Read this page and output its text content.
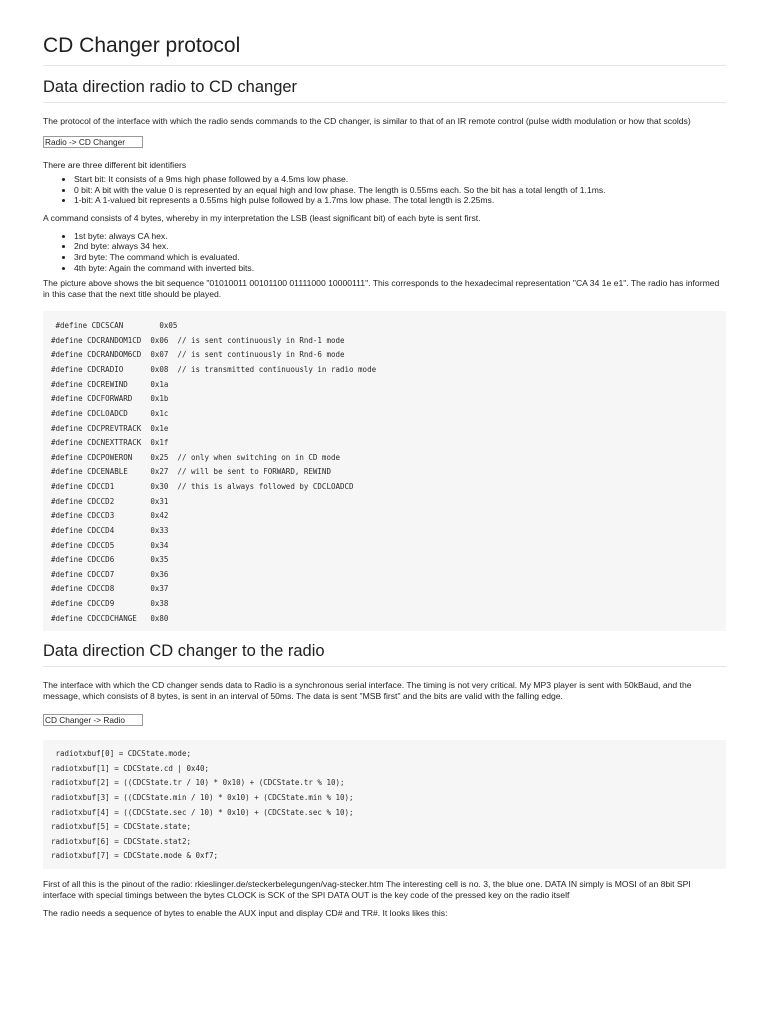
CD Changer protocol
Data direction radio to CD changer

The protocol of the interface with which the radio sends commands to the CD changer, is similar to that of an IR remote control (pulse width modulation or how that scolds)

Radio -> CD Changer

There are three different bit identifiers

• Start bit: It consists of a 9ms high phase followed by a 4.5ms low phase.
• 0 bit: A bit with the value 0 is represented by an equal high and low phase. The length is 0.55ms each. So the bit has a total length of 1.1ms.
• 1-bit: A 1-valued bit represents a 0.55ms high pulse followed by a 1.7ms low phase. The total length is 2.25ms.

A command consists of 4 bytes, whereby in my interpretation the LSB (least significant bit) of each byte is sent first.

• 1st byte: always CA hex.
• 2nd byte: always 34 hex.
• 3rd byte: The command which is evaluated.
• 4th byte: Again the command with inverted bits.

The picture above shows the bit sequence "01010011 00101100 01111000 10000111". This corresponds to the hexadecimal representation "CA 34 1e e1". The radio has informed in this case that the next title should be played.

#define CDCSCAN        0x05
#define CDCRANDOM1CD  0x06  // is sent continuously in Rnd-1 mode
#define CDCRANDOM6CD  0x07  // is sent continuously in Rnd-6 mode
#define CDCRADIO      0x08  // is transmitted continuously in radio mode
#define CDCREWIND     0x1a
#define CDCFORWARD    0x1b
#define CDCLOADCD     0x1c
#define CDCPREVTRACK  0x1e
#define CDCNEXTTRACK  0x1f
#define CDCPOWERON    0x25  // only when switching on in CD mode
#define CDCENABLE     0x27  // will be sent to FORWARD, REWIND
#define CDCCD1        0x30  // this is always followed by CDCLOADCD
#define CDCCD2        0x31
#define CDCCD3        0x42
#define CDCCD4        0x33
#define CDCCD5        0x34
#define CDCCD6        0x35
#define CDCCD7        0x36
#define CDCCD8        0x37
#define CDCCD9        0x38
#define CDCCDCHANGE   0x80
Data direction CD changer to the radio

The interface with which the CD changer sends data to Radio is a synchronous serial interface. The timing is not very critical. My MP3 player is sent with 50kBaud, and the message, which consists of 8 bytes, is sent in an interval of 50ms. The data is sent "MSB first" and the bits are valid with the falling edge.

CD Changer -> Radio
radiotxbuf[0] = CDCState.mode;
radiotxbuf[1] = CDCState.cd | 0x40;
radiotxbuf[2] = ((CDCState.tr / 10) * 0x10) + (CDCState.tr % 10);
radiotxbuf[3] = ((CDCState.min / 10) * 0x10) + (CDCState.min % 10);
radiotxbuf[4] = ((CDCState.sec / 10) * 0x10) + (CDCState.sec % 10);
radiotxbuf[5] = CDCState.state;
radiotxbuf[6] = CDCState.stat2;
radiotxbuf[7] = CDCState.mode & 0xf7;

First of all this is the pinout of the radio: rkieslinger.de/steckerbelegungen/vag-stecker.htm The interesting cell is no. 3, the blue one. DATA IN simply is MOSI of an 8bit SPI interface with special timings between the bytes CLOCK is SCK of the SPI DATA OUT is the key code of the pressed key on the radio itself

The radio needs a sequence of bytes to enable the AUX input and display CD# and TR#. It looks likes this:
